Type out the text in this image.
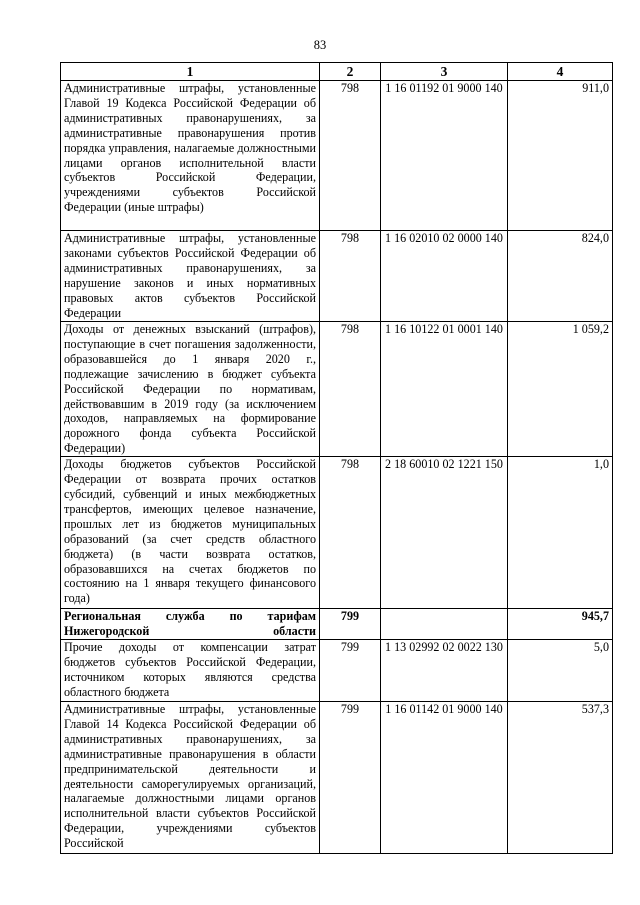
83
1	2	3	4
Административные штрафы, установленные Главой 19 Кодекса Российской Федерации об административных правонарушениях, за административные правонарушения против порядка управления, налагаемые должностными лицами органов исполнительной власти субъектов Российской Федерации, учреждениями субъектов Российской Федерации (иные штрафы)	798	1 16 01192 01 9000 140	911,0
Административные штрафы, установленные законами субъектов Российской Федерации об административных правонарушениях, за нарушение законов и иных нормативных правовых актов субъектов Российской Федерации	798	1 16 02010 02 0000 140	824,0
Доходы от денежных взысканий (штрафов), поступающие в счет погашения задолженности, образовавшейся до 1 января 2020 г., подлежащие зачислению в бюджет субъекта Российской Федерации по нормативам, действовавшим в 2019 году (за исключением доходов, направляемых на формирование дорожного фонда субъекта Российской Федерации)	798	1 16 10122 01 0001 140	1 059,2
Доходы бюджетов субъектов Российской Федерации от возврата прочих остатков субсидий, субвенций и иных межбюджетных трансфертов, имеющих целевое назначение, прошлых лет из бюджетов муниципальных образований (за счет средств областного бюджета) (в части возврата остатков, образовавшихся на счетах бюджетов по состоянию на 1 января текущего финансового года)	798	2 18 60010 02 1221 150	1,0
Региональная служба по тарифам Нижегородской области	799		945,7
Прочие доходы от компенсации затрат бюджетов субъектов Российской Федерации, источником которых являются средства областного бюджета	799	1 13 02992 02 0022 130	5,0
Административные штрафы, установленные Главой 14 Кодекса Российской Федерации об административных правонарушениях, за административные правонарушения в области предпринимательской деятельности и деятельности саморегулируемых организаций, налагаемые должностными лицами органов исполнительной власти субъектов Российской Федерации, учреждениями субъектов Российской	799	1 16 01142 01 9000 140	537,3
